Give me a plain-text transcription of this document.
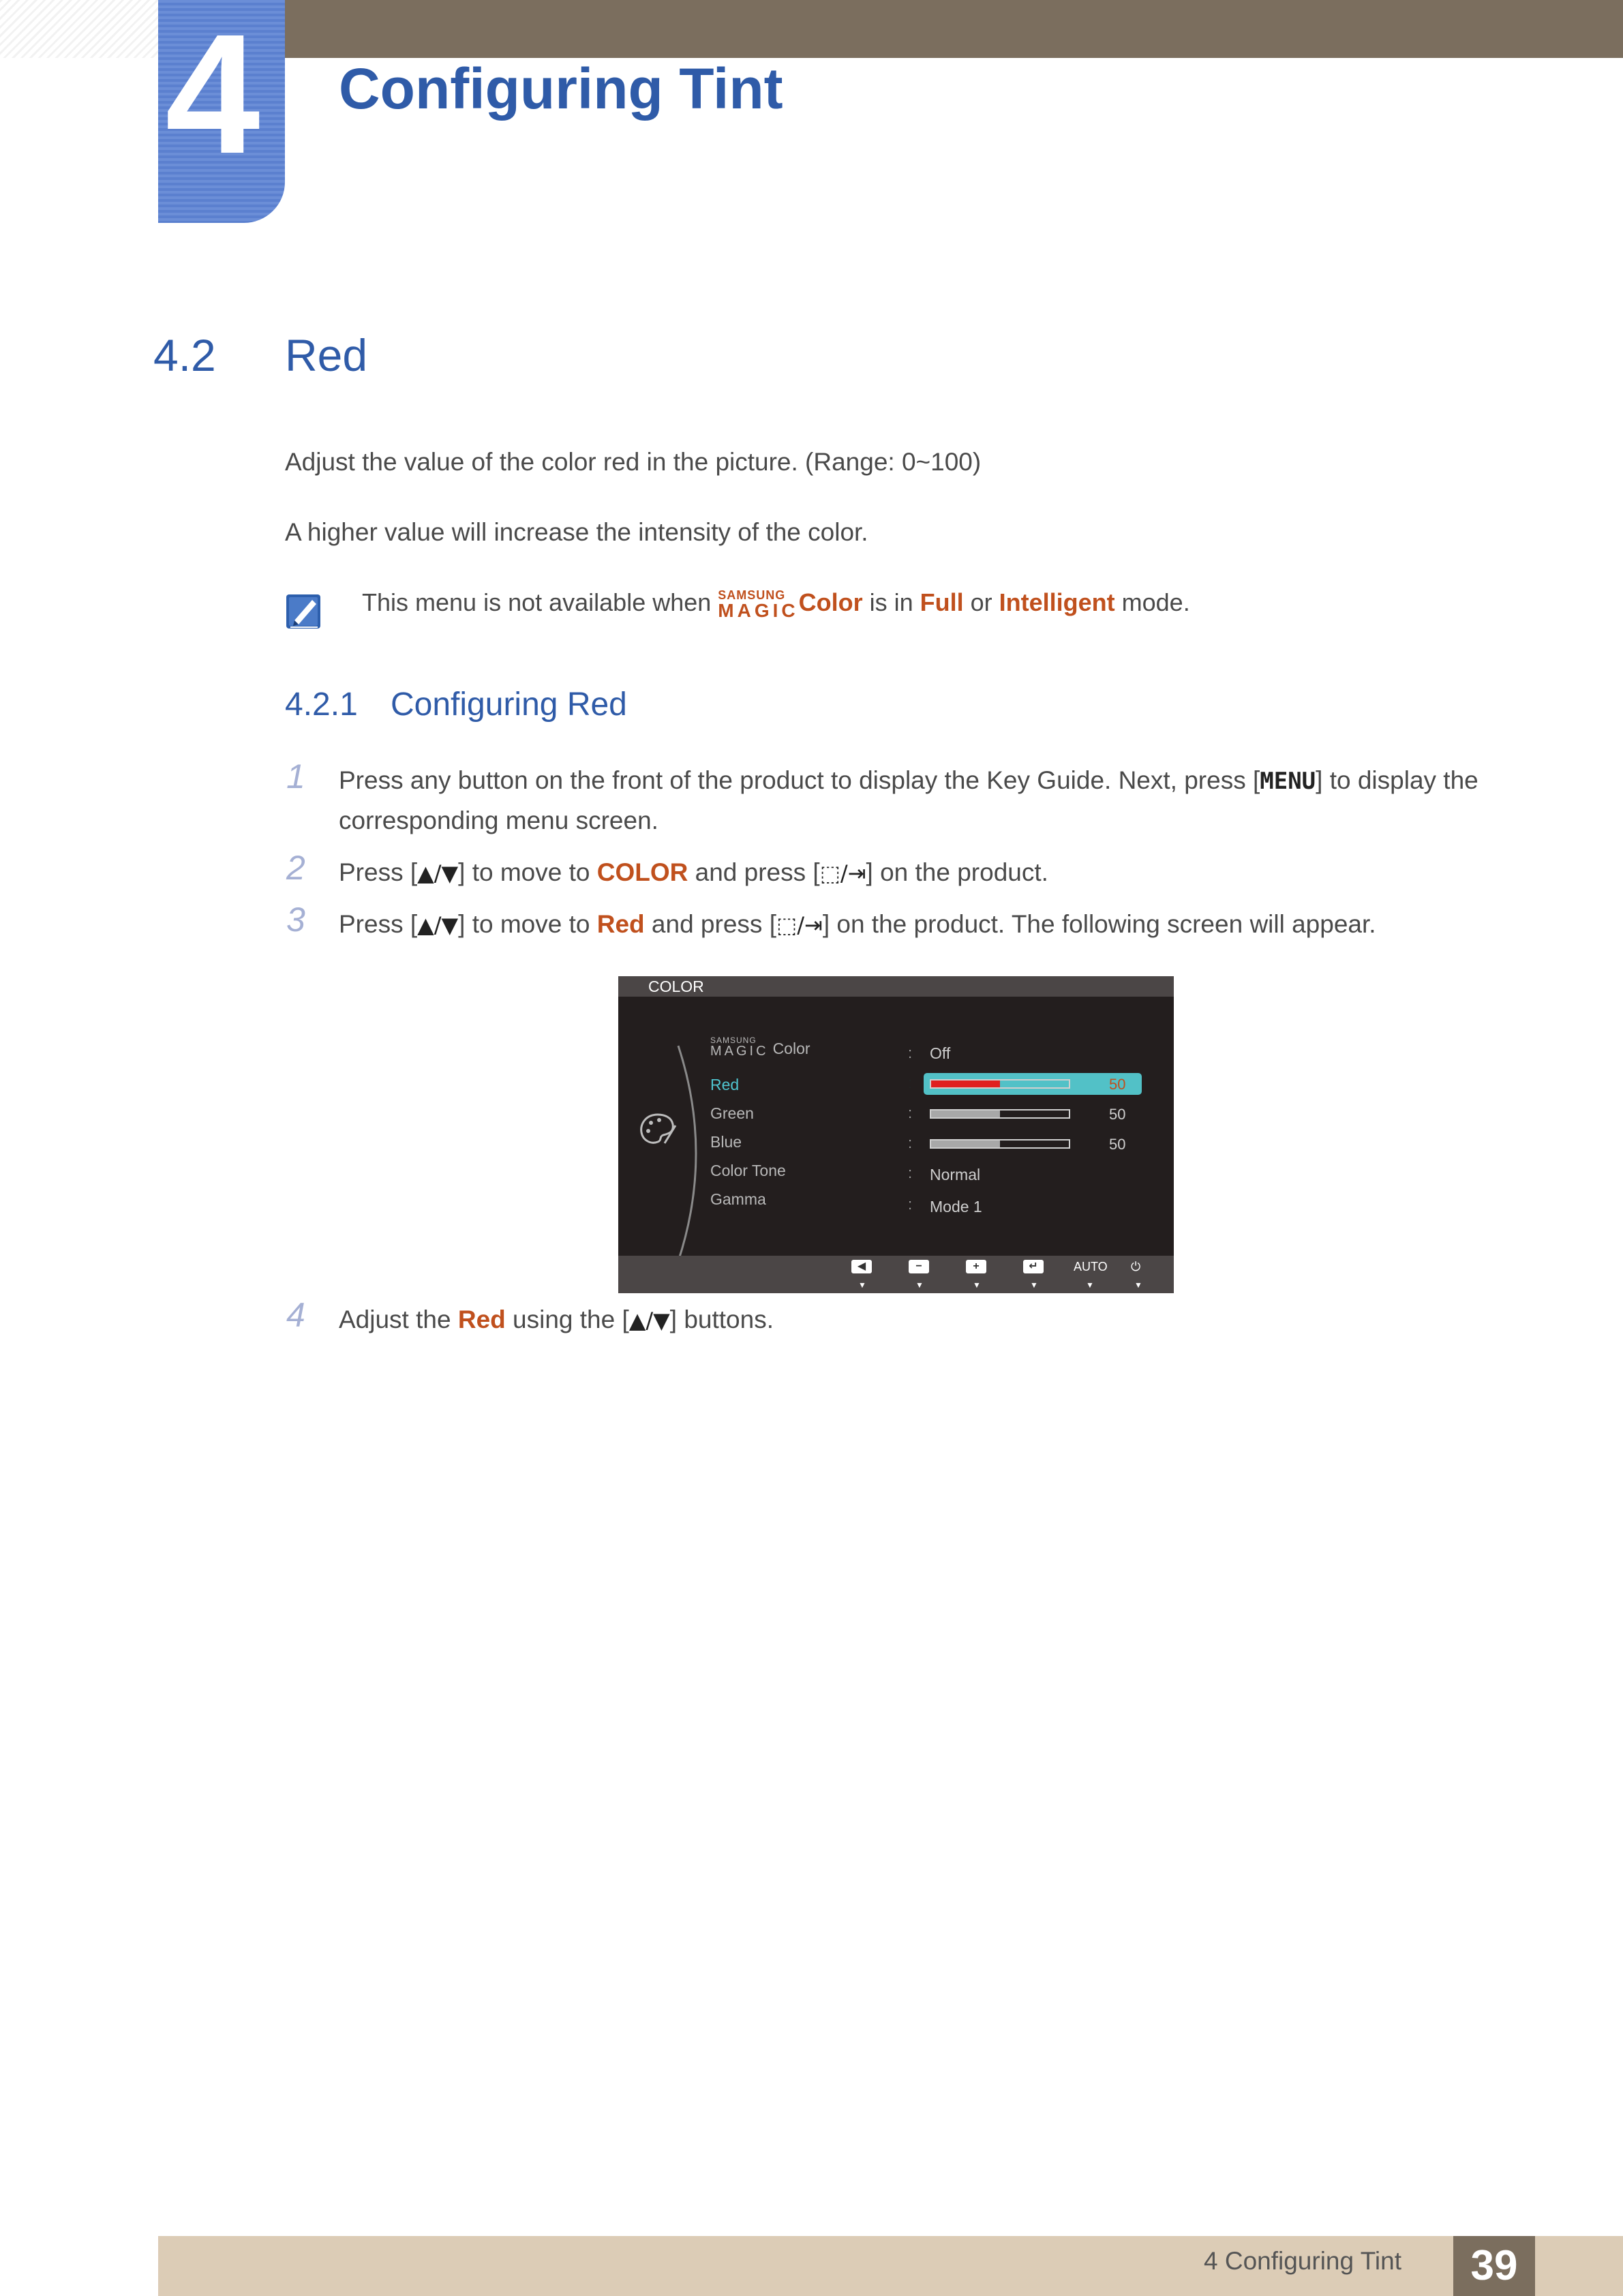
4 Configuring Tint
4.2 Red
Adjust the value of the color red in the picture. (Range: 0~100)
A higher value will increase the intensity of the color.
This menu is not available when SAMSUNG
MAGIC Color is in Full or Intelligent mode.
4.2.1 Configuring Red
1 Press any button on the front of the product to display the Key Guide. Next, press [MENU] to display the corresponding menu screen.
2 Press [▲/▼] to move to COLOR and press [⬚/⇥] on the product.
3 Press [▲/▼] to move to Red and press [⬚/⇥] on the product. The following screen will appear.
COLOR
SAMSUNG
MAGIC Color
Red
Green
Blue
Color Tone
Gamma
:
:
:
:
:
:
Off
50
50
50
Normal
Mode 1
◀
▼
−
▼
+
▼
↵
▼
AUTO
▼
⏻
▼
4 Adjust the Red using the [▲/▼] buttons.
4 Configuring Tint	39
